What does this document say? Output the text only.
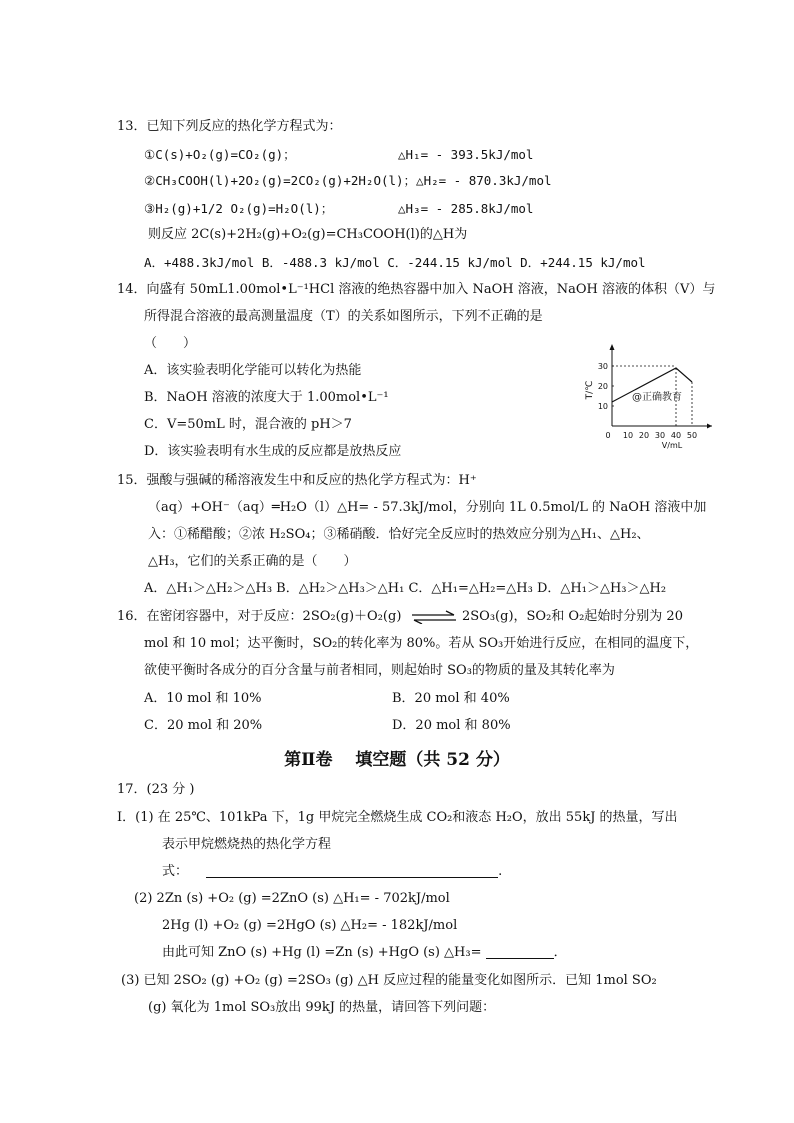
13．已知下列反应的热化学方程式为：
①C(s)+O₂(g)=CO₂(g)；	△H₁= - 393.5kJ/mol
②CH₃COOH(l)+2O₂(g)=2CO₂(g)+2H₂O(l)；△H₂= - 870.3kJ/mol
③H₂(g)+1/2 O₂(g)=H₂O(l)；	△H₃= - 285.8kJ/mol
则反应 2C(s)+2H₂(g)+O₂(g)=CH₃COOH(l)的△H为
A．+488.3kJ/mol B．-488.3 kJ/mol C．-244.15 kJ/mol D．+244.15 kJ/mol
14．向盛有 50mL1.00mol•L⁻¹HCl 溶液的绝热容器中加入 NaOH 溶液，NaOH 溶液的体积（V）与
所得混合溶液的最高测量温度（T）的关系如图所示，下列不正确的是
（　　）
A．该实验表明化学能可以转化为热能
B．NaOH 溶液的浓度大于 1.00mol•L⁻¹
C．V=50mL 时，混合液的 pH＞7
D．该实验表明有水生成的反应都是放热反应
0 10 20 30 40 50
10
20
30
V/mL
T/℃	@正确教育
15．强酸与强碱的稀溶液发生中和反应的热化学方程式为：H⁺
（aq）+OH⁻（aq）═H₂O（l）△H= - 57.3kJ/mol，分别向 1L 0.5mol/L 的 NaOH 溶液中加
入：①稀醋酸；②浓 H₂SO₄；③稀硝酸．恰好完全反应时的热效应分别为△H₁、△H₂、
△H₃，它们的关系正确的是（　　）
A．△H₁＞△H₂＞△H₃ B．△H₂＞△H₃＞△H₁ C．△H₁=△H₂=△H₃ D．△H₁＞△H₃＞△H₂
16．在密闭容器中，对于反应：2SO₂(g)＋O₂(g) ⇌ 2SO₃(g)，SO₂和 O₂起始时分别为 20
mol 和 10 mol；达平衡时，SO₂的转化率为 80%。若从 SO₃开始进行反应，在相同的温度下，
欲使平衡时各成分的百分含量与前者相同，则起始时 SO₃的物质的量及其转化率为
A．10 mol 和 10%	B．20 mol 和 40%
C．20 mol 和 20%	D．20 mol 和 80%
第Ⅱ卷　 填空题（共 52 分）
17．(23 分 )
I．(1) 在 25℃、101kPa 下，1g 甲烷完全燃烧生成 CO₂和液态 H₂O，放出 55kJ 的热量，写出
表示甲烷燃烧热的热化学方程
式：	.
(2) 2Zn (s) +O₂ (g) =2ZnO (s) △H₁= - 702kJ/mol
2Hg (l) +O₂ (g) =2HgO (s) △H₂= - 182kJ/mol
由此可知 ZnO (s) +Hg (l) =Zn (s) +HgO (s) △H₃=	．
(3) 已知 2SO₂ (g) +O₂ (g) =2SO₃ (g) △H 反应过程的能量变化如图所示．已知 1mol SO₂
(g) 氧化为 1mol SO₃放出 99kJ 的热量，请回答下列问题：
